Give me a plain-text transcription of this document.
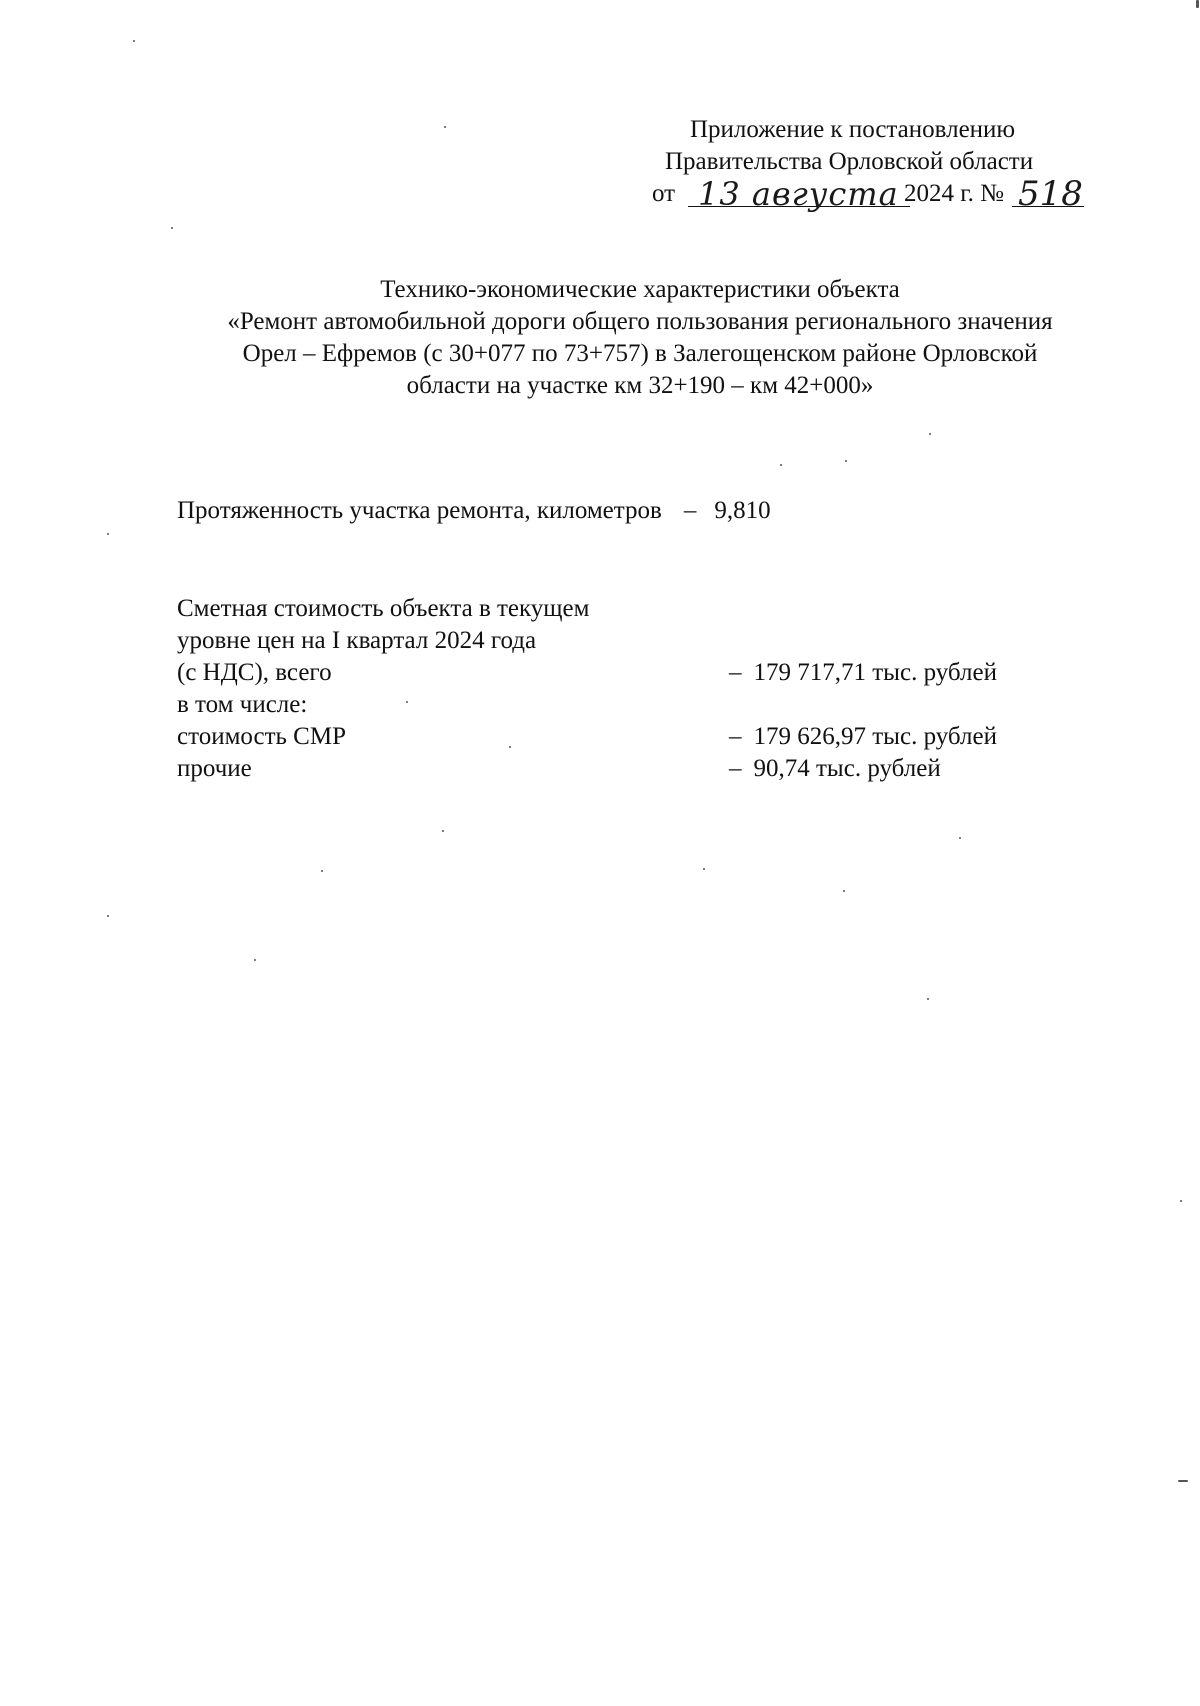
Приложение к постановлению
Правительства Орловской области
от 13 августа 2024 г. № 518
Технико-экономические характеристики объекта
«Ремонт автомобильной дороги общего пользования регионального значения
Орел – Ефремов (с 30+077 по 73+757) в Залегощенском районе Орловской
области на участке км 32+190 – км 42+000»
Протяженность участка ремонта, километров – 9,810
Сметная стоимость объекта в текущем
уровне цен на I квартал 2024 года
(с НДС), всего	– 179 717,71 тыс. рублей
в том числе:
стоимость СМР	– 179 626,97 тыс. рублей
прочие	– 90,74 тыс. рублей
